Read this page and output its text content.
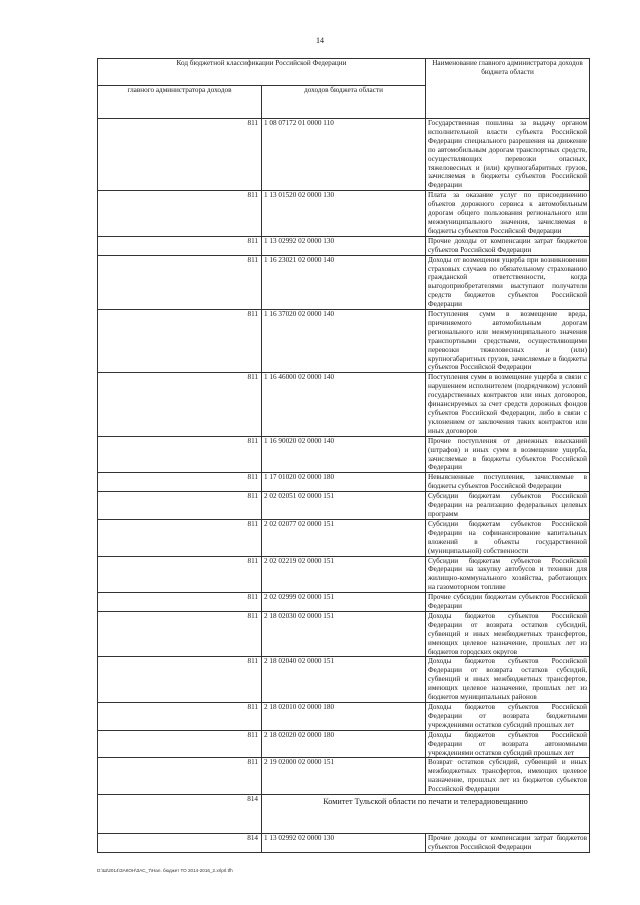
14
Код бюджетной классификации Российской Федерации		Наименование главного администратора доходов бюджета области
главного администратора доходов	доходов бюджета области	
811	1 08 07172 01 0000 110	Государственная пошлина за выдачу органом исполнительной власти субъекта Российской Федерации специального разрешения на движение по автомобильным дорогам транспортных средств, осуществляющих перевозки опасных, тяжеловесных и (или) крупногабаритных грузов, зачисляемая в бюджеты субъектов Российской Федерации
811	1 13 01520 02 0000 130	Плата за оказание услуг по присоединению объектов дорожного сервиса к автомобильным дорогам общего пользования регионального или межмуниципального значения, зачисляемая в бюджеты субъектов Российской Федерации
811	1 13 02992 02 0000 130	Прочие доходы от компенсации затрат бюджетов субъектов Российской Федерации
811	1 16 23021 02 0000 140	Доходы от возмещения ущерба при возникновении страховых случаев по обязательному страхованию гражданской ответственности, когда выгодоприобретателями выступают получатели средств бюджетов субъектов Российской Федерации
811	1 16 37020 02 0000 140	Поступления сумм в возмещение вреда, причиняемого автомобильным дорогам регионального или межмуниципального значения транспортными средствами, осуществляющими перевозки тяжеловесных и (или) крупногабаритных грузов, зачисляемые в бюджеты субъектов Российской Федерации
811	1 16 46000 02 0000 140	Поступления сумм в возмещение ущерба в связи с нарушением исполнителем (подрядчиком) условий государственных контрактов или иных договоров, финансируемых за счет средств дорожных фондов субъектов Российской Федерации, либо в связи с уклонением от заключения таких контрактов или иных договоров
811	1 16 90020 02 0000 140	Прочие поступления от денежных взысканий (штрафов) и иных сумм в возмещение ущерба, зачисляемые в бюджеты субъектов Российской Федерации
811	1 17 01020 02 0000 180	Невыясненные поступления, зачисляемые в бюджеты субъектов Российской Федерации
811	2 02 02051 02 0000 151	Субсидии бюджетам субъектов Российской Федерации на реализацию федеральных целевых программ
811	2 02 02077 02 0000 151	Субсидии бюджетам субъектов Российской Федерации на софинансирование капитальных вложений в объекты государственной (муниципальной) собственности
811	2 02 02219 02 0000 151	Субсидии бюджетам субъектов Российской Федерации на закупку автобусов и техники для жилищно-коммунального хозяйства, работающих на газомоторном топливе
811	2 02 02999 02 0000 151	Прочие субсидии бюджетам субъектов Российской Федерации
811	2 18 02030 02 0000 151	Доходы бюджетов субъектов Российской Федерации от возврата остатков субсидий, субвенций и иных межбюджетных трансфертов, имеющих целевое назначение, прошлых лет из бюджетов городских округов
811	2 18 02040 02 0000 151	Доходы бюджетов субъектов Российской Федерации от возврата остатков субсидий, субвенций и иных межбюджетных трансфертов, имеющих целевое назначение, прошлых лет из бюджетов муниципальных районов
811	2 18 02010 02 0000 180	Доходы бюджетов субъектов Российской Федерации от возврата бюджетными учреждениями остатков субсидий прошлых лет
811	2 18 02020 02 0000 180	Доходы бюджетов субъектов Российской Федерации от возврата автономными учреждениями остатков субсидий прошлых лет
811	2 19 02000 02 0000 151	Возврат остатков субсидий, субвенций и иных межбюджетных трансфертов, имеющих целевое назначение, прошлых лет из бюджетов субъектов Российской Федерации
814	Комитет Тульской области по печати и телерадиовещанию	
814	1 13 02992 02 0000 130	Прочие доходы от компенсации затрат бюджетов субъектов Российской Федерации
D:\Ш\2014\ЗАКОН\ЗАС_7\Нал. бюджет ТО 2014-2016_2.xrlprl.tfh
